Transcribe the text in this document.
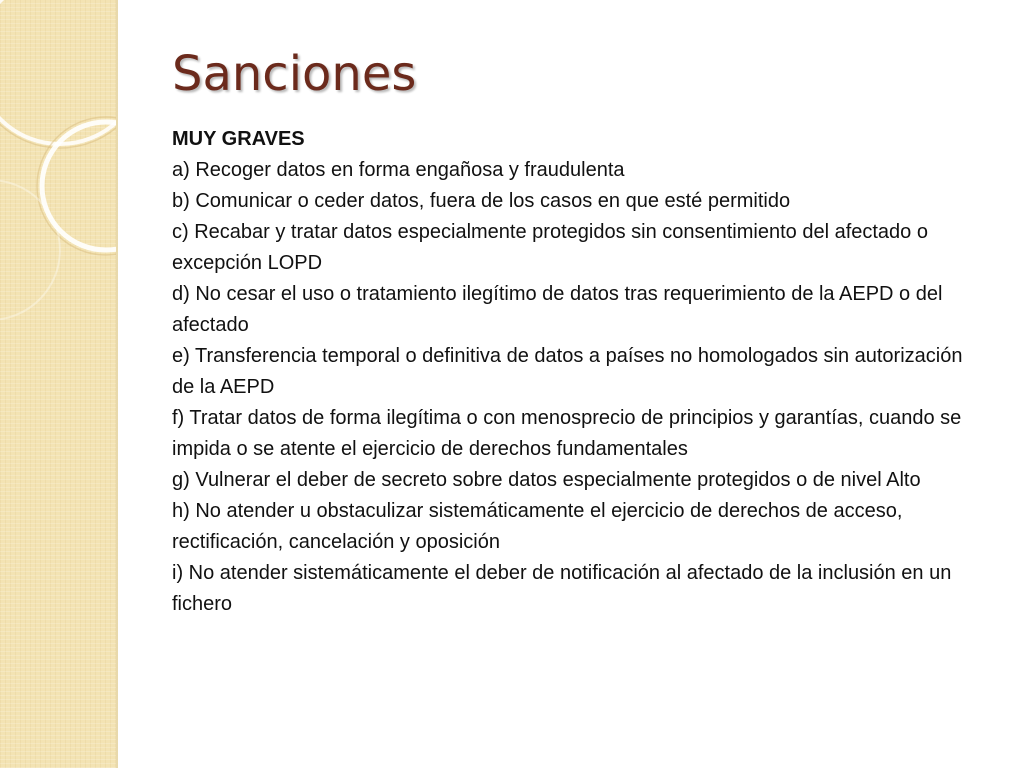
Sanciones

MUY GRAVES

a) Recoger datos en forma engañosa y fraudulenta

b) Comunicar o ceder datos, fuera de los casos en que esté permitido

c) Recabar y tratar datos especialmente protegidos sin consentimiento del afectado o excepción LOPD

d) No cesar el uso o tratamiento ilegítimo de datos tras requerimiento de la AEPD o del afectado

e) Transferencia temporal o definitiva de datos a países no homologados sin autorización de la AEPD

f) Tratar datos de forma ilegítima o con menosprecio de principios y garantías, cuando se impida o se atente el ejercicio de derechos fundamentales

g) Vulnerar el deber de secreto sobre datos especialmente protegidos o de nivel Alto

h) No atender u obstaculizar sistemáticamente el ejercicio de derechos de acceso, rectificación, cancelación y oposición

i) No atender sistemáticamente el deber de notificación al afectado de la inclusión en un fichero
